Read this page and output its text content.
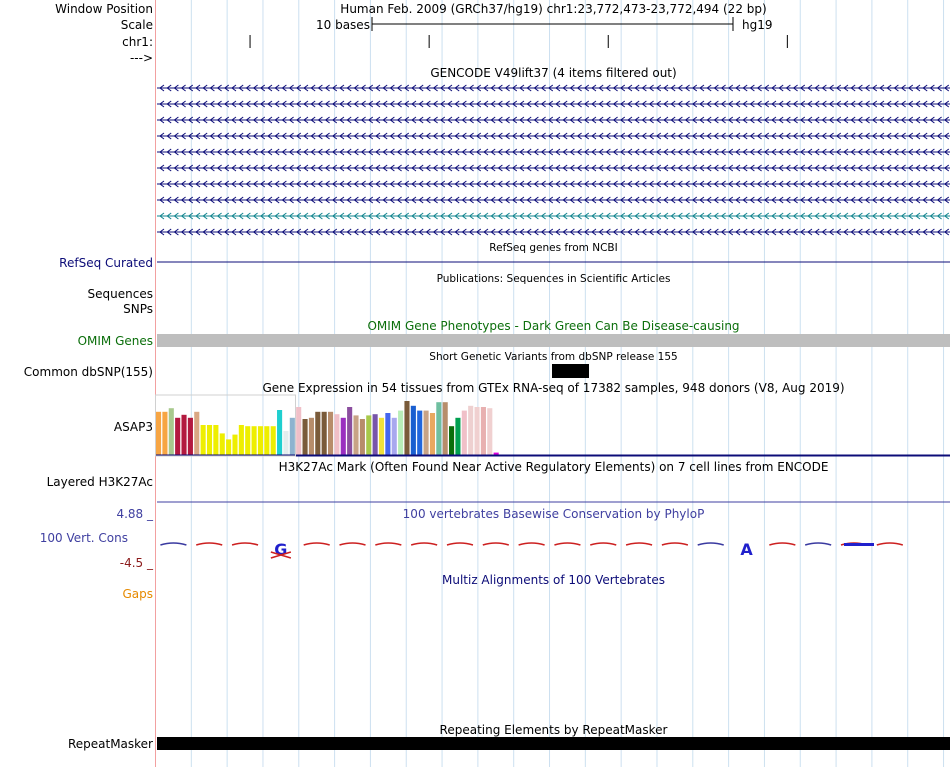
Window Position	Human Feb. 2009 (GRCh37/hg19) chr1:23,772,473-23,772,494 (22 bp)
Scale	10 bases	hg19
chr1:
--->
GENCODE V49lift37 (4 items filtered out)
RefSeq genes from NCBI
RefSeq Curated
Publications: Sequences in Scientific Articles
Sequences
SNPs
OMIM Gene Phenotypes - Dark Green Can Be Disease-causing
OMIM Genes
Short Genetic Variants from dbSNP release 155
Common dbSNP(155)
Gene Expression in 54 tissues from GTEx RNA-seq of 17382 samples, 948 donors (V8, Aug 2019)
ASAP3
H3K27Ac Mark (Often Found Near Active Regulatory Elements) on 7 cell lines from ENCODE
Layered H3K27Ac
100 vertebrates Basewise Conservation by PhyloP
4.88 _
100 Vert. Cons
-4.5 _
Multiz Alignments of 100 Vertebrates
Gaps
RepeatMasker
G	A
Repeating Elements by RepeatMasker
